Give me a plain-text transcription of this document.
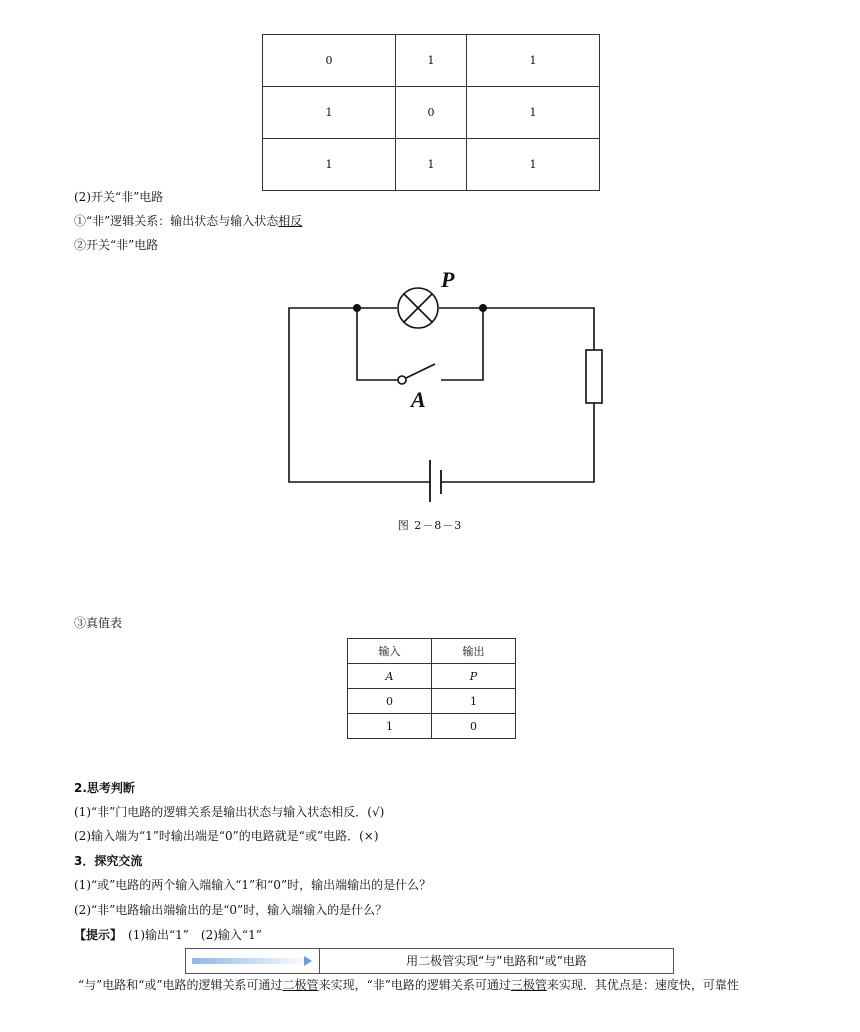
0	1	1
1	0	1
1	1	1
(2)开关“非”电路
①“非”逻辑关系：输出状态与输入状态相反
②开关“非”电路
P
A
图 2－8－3
③真值表
输入	输出
A	P
0	1
1	0
2.思考判断
(1)“非”门电路的逻辑关系是输出状态与输入状态相反．(√)
(2)输入端为“1”时输出端是“0”的电路就是“或”电路．(×)
3．探究交流
(1)“或”电路的两个输入端输入“1”和“0”时，输出端输出的是什么？
(2)“非”电路输出端输出的是“0”时，输入端输入的是什么？
【提示】　 (1)输出“1”　(2)输入“1”
用二极管实现“与”电路和“或”电路
“与”电路和“或”电路的逻辑关系可通过二极管来实现，“非”电路的逻辑关系可通过三极管来实现．其优点是：速度快，可靠性
